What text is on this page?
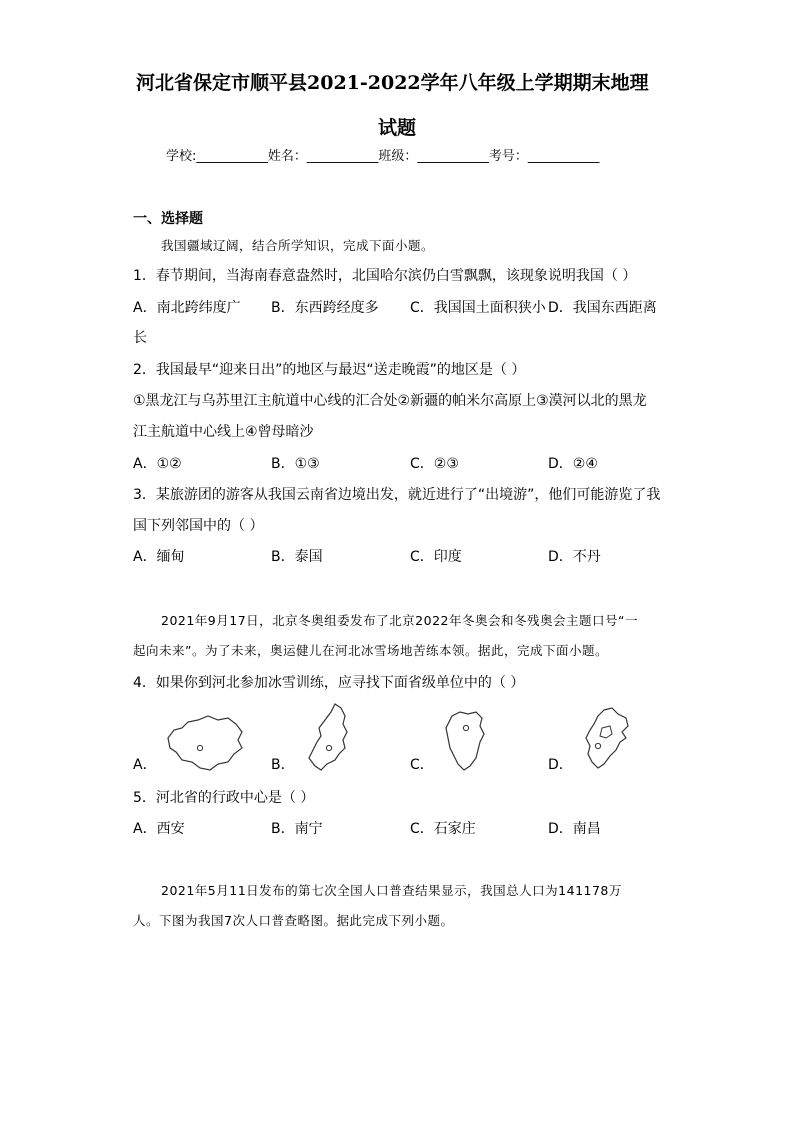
河北省保定市顺平县2021-2022学年八年级上学期期末地理
试题
学校:___________姓名：___________班级：___________考号：___________
一、选择题
我国疆域辽阔，结合所学知识，完成下面小题。
1．春节期间，当海南春意盎然时，北国哈尔滨仍白雪飘飘，该现象说明我国（ ）
A．南北跨纬度广 B．东西跨经度多 C．我国国土面积狭小 D．我国东西距离
长
2．我国最早“迎来日出”的地区与最迟“送走晚霞”的地区是（ ）
①黑龙江与乌苏里江主航道中心线的汇合处②新疆的帕米尔高原上③漠河以北的黑龙
江主航道中心线上④曾母暗沙
A．①②	B．①③	C．②③	D．②④
3．某旅游团的游客从我国云南省边境出发，就近进行了“出境游”，他们可能游览了我
国下列邻国中的（ ）
A．缅甸	B．泰国	C．印度	D．不丹
2021年9月17日，北京冬奥组委发布了北京2022年冬奥会和冬残奥会主题口号“一
起向未来”。为了未来，奥运健儿在河北冰雪场地苦练本领。据此，完成下面小题。
4．如果你到河北参加冰雪训练，应寻找下面省级单位中的（ ）
A．	B．	C．	D．
5．河北省的行政中心是（ ）
A．西安	B．南宁	C．石家庄	D．南昌
2021年5月11日发布的第七次全国人口普查结果显示，我国总人口为141178万
人。下图为我国7次人口普查略图。据此完成下列小题。
